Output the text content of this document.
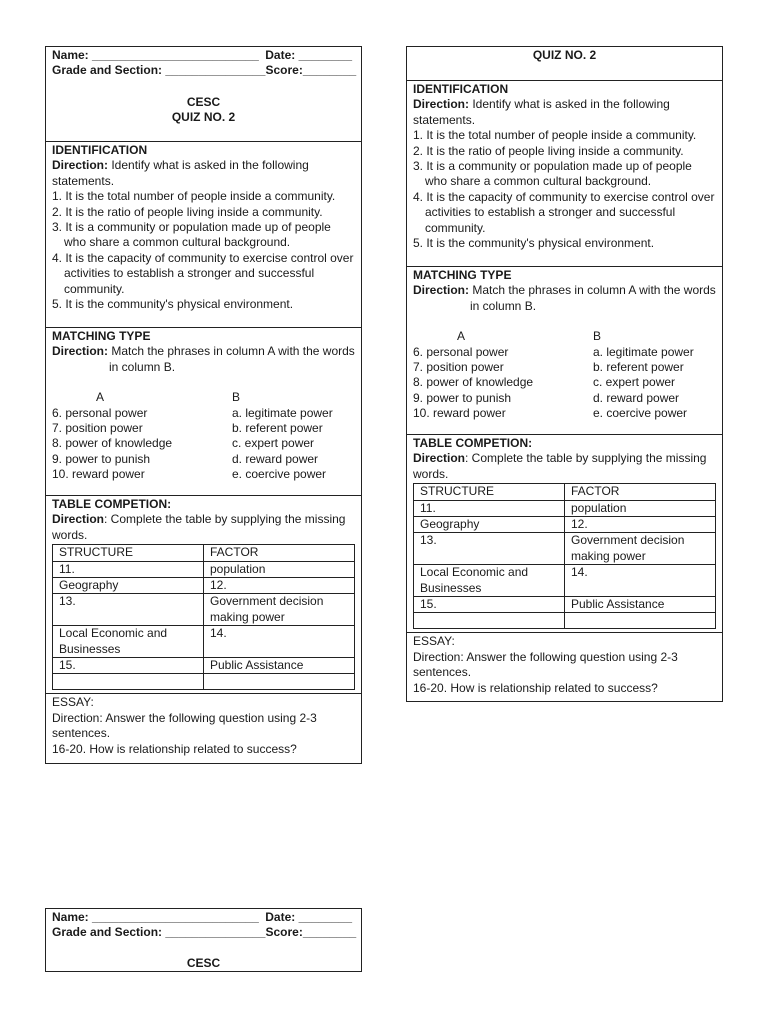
Name: _________________________ Date: ________
Grade and Section: _______________ Score:________
CESC
QUIZ NO. 2
IDENTIFICATION
Direction: Identify what is asked in the following statements.
1. It is the total number of people inside a community.
2. It is the ratio of people living inside a community.
3. It is a community or population made up of people who share a common cultural background.
4. It is the capacity of community to exercise control over activities to establish a stronger and successful community.
5. It is the community's physical environment.
MATCHING TYPE
Direction: Match the phrases in column A with the words in column B.
A	B
6. personal power	a. legitimate power
7. position power	b. referent power
8. power of knowledge	c. expert power
9. power to punish	d. reward power
10. reward power	e. coercive power
TABLE COMPETION:
Direction: Complete the table by supplying the missing words.
STRUCTURE	FACTOR
11.	population
Geography	12.
13.	Government decision making power
Local Economic and Businesses	14.
15.	Public Assistance

ESSAY:
Direction: Answer the following question using 2-3 sentences.
16-20. How is relationship related to success?
QUIZ NO. 2
IDENTIFICATION
Direction: Identify what is asked in the following statements.
1. It is the total number of people inside a community.
2. It is the ratio of people living inside a community.
3. It is a community or population made up of people who share a common cultural background.
4. It is the capacity of community to exercise control over activities to establish a stronger and successful community.
5. It is the community's physical environment.
MATCHING TYPE
Direction: Match the phrases in column A with the words in column B.
A	B
6. personal power	a. legitimate power
7. position power	b. referent power
8. power of knowledge	c. expert power
9. power to punish	d. reward power
10. reward power	e. coercive power
TABLE COMPETION:
Direction: Complete the table by supplying the missing words.
STRUCTURE	FACTOR
11.	population
Geography	12.
13.	Government decision making power
Local Economic and Businesses	14.
15.	Public Assistance

ESSAY:
Direction: Answer the following question using 2-3 sentences.
16-20. How is relationship related to success?
Name: _________________________ Date: ________
Grade and Section: _______________ Score:________
CESC
